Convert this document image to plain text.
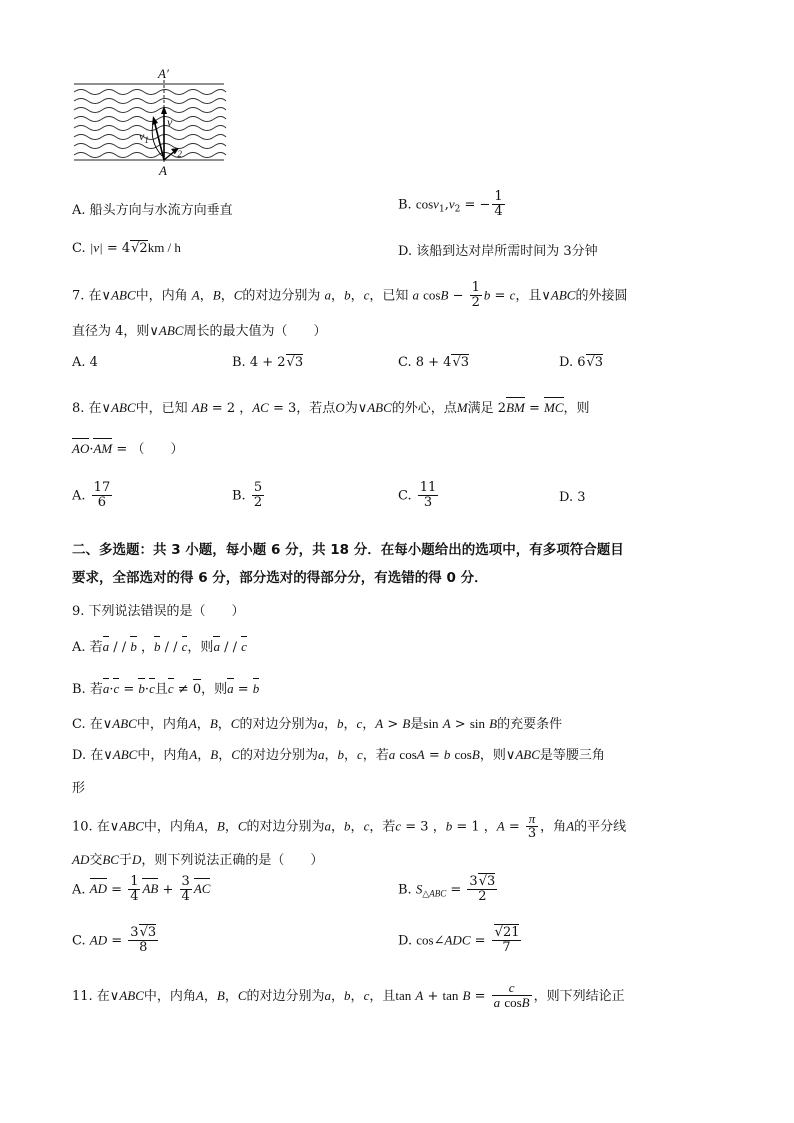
A′
A
$v_1$
v
$v_2$
A. 船头方向与水流方向垂直	B. $\cos v_1,v_2$ = − $\frac{1}{4}$
C. |v| = 4√2km / h	D. 该船到达对岸所需时间为 3分钟
7. 在∨ABC中，内角 A，B，C的对边分别为 a，b，c，已知 a $\cos B - \frac{1}{2}$ b = c，且∨ABC的外接圆
直径为 4，则∨ABC周长的最大值为（　　）
A. 4	B. 4 + 2√3	C. 8 + 4√3	D. 6√3
8. 在∨ABC中，已知 AB = 2 ，AC = 3，若点O为∨ABC的外心，点M满足 2BM = MC，则
AO·AM = （　　）
A. $\frac{17}{6}$	B. $\frac{5}{2}$	C. $\frac{11}{3}$	D. 3
二、多选题：共 3 小题，每小题 6 分，共 18 分．在每小题给出的选项中，有多项符合题目
要求，全部选对的得 6 分，部分选对的得部分分，有选错的得 0 分．
9. 下列说法错误的是（　　）
A. 若a / / b ，b / / c，则a / / c
B. 若a·c = b·c且c ≠ 0，则a = b
C. 在∨ABC中，内角A，B，C的对边分别为a，b，c，A > B是sin A > sin B的充要条件
D. 在∨ABC中，内角A，B，C的对边分别为a，b，c，若a cosA = b cosB，则∨ABC是等腰三角
形
10. 在∨ABC中，内角A，B，C的对边分别为a，b，c，若c = 3 ，b = 1 ，$A = \frac{\pi}{3}$ ，角A的平分线
AD交BC于D，则下列说法正确的是（　　）
A. AD = $\frac{1}{4}$ AB + $\frac{3}{4}$ AC	B. $S_{\triangle ABC} = \frac{3√3}{2}$
C. AD = $\frac{3√3}{8}$	D. cos∠ADC = $\frac{√21}{7}$
11. 在∨ABC中，内角A，B，C的对边分别为a，b，c，且$\tan A + \tan B = \frac{c}{\text{a cosB}}$ ，则下列结论正
